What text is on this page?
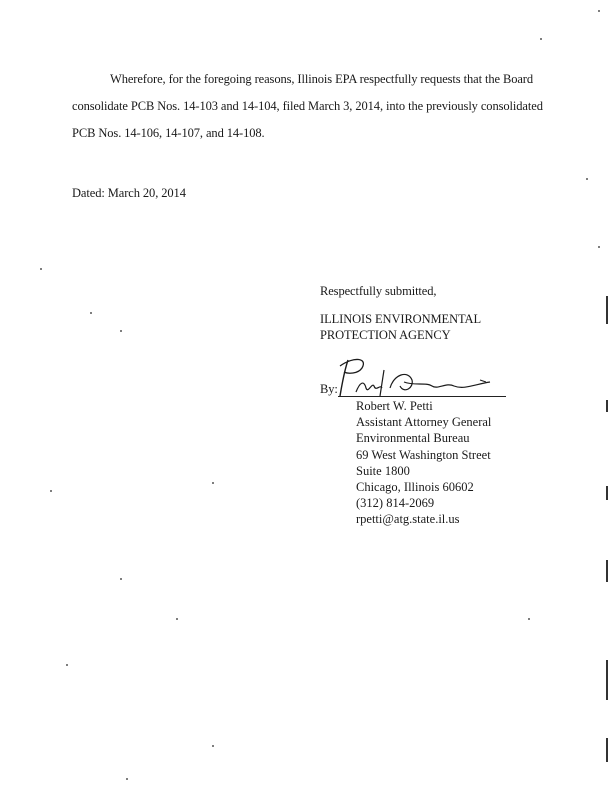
Wherefore, for the foregoing reasons, Illinois EPA respectfully requests that the Board
consolidate PCB Nos. 14-103 and 14-104, filed March 3, 2014, into the previously consolidated
PCB Nos. 14-106, 14-107, and 14-108.
Dated: March 20, 2014
Respectfully submitted,
ILLINOIS ENVIRONMENTAL
PROTECTION AGENCY
By:
Robert W. Petti
Assistant Attorney General
Environmental Bureau
69 West Washington Street
Suite 1800
Chicago, Illinois 60602
(312) 814-2069
rpetti@atg.state.il.us
